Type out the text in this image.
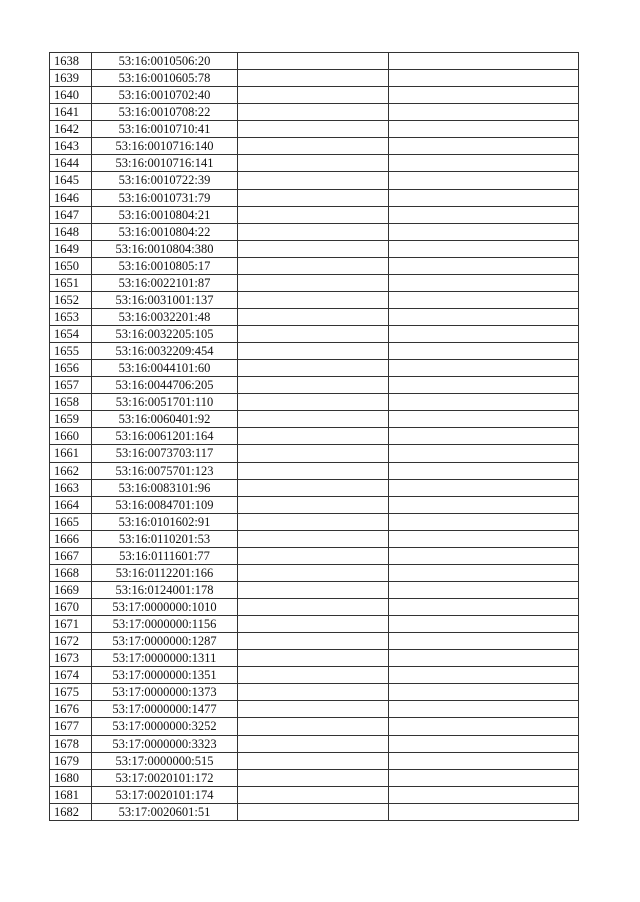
1638	53:16:0010506:20		
1639	53:16:0010605:78		
1640	53:16:0010702:40		
1641	53:16:0010708:22		
1642	53:16:0010710:41		
1643	53:16:0010716:140		
1644	53:16:0010716:141		
1645	53:16:0010722:39		
1646	53:16:0010731:79		
1647	53:16:0010804:21		
1648	53:16:0010804:22		
1649	53:16:0010804:380		
1650	53:16:0010805:17		
1651	53:16:0022101:87		
1652	53:16:0031001:137		
1653	53:16:0032201:48		
1654	53:16:0032205:105		
1655	53:16:0032209:454		
1656	53:16:0044101:60		
1657	53:16:0044706:205		
1658	53:16:0051701:110		
1659	53:16:0060401:92		
1660	53:16:0061201:164		
1661	53:16:0073703:117		
1662	53:16:0075701:123		
1663	53:16:0083101:96		
1664	53:16:0084701:109		
1665	53:16:0101602:91		
1666	53:16:0110201:53		
1667	53:16:0111601:77		
1668	53:16:0112201:166		
1669	53:16:0124001:178		
1670	53:17:0000000:1010		
1671	53:17:0000000:1156		
1672	53:17:0000000:1287		
1673	53:17:0000000:1311		
1674	53:17:0000000:1351		
1675	53:17:0000000:1373		
1676	53:17:0000000:1477		
1677	53:17:0000000:3252		
1678	53:17:0000000:3323		
1679	53:17:0000000:515		
1680	53:17:0020101:172		
1681	53:17:0020101:174		
1682	53:17:0020601:51		
